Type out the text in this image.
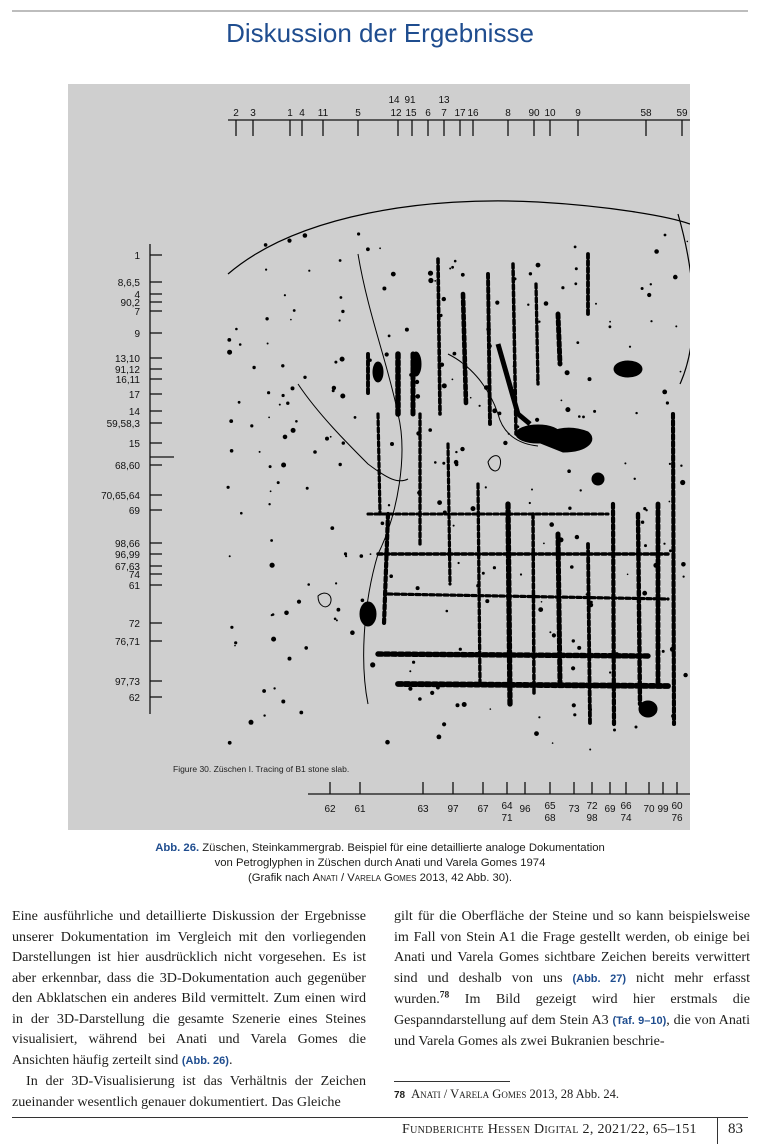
Diskussion der Ergebnisse
2 3	1 4 11	5
14 91
12 15 6
13
7 17 16	8 90 10 9	58 59
1
8,6,5
4
90,2
7
9
13,10
91,12
16,11
17
14
59,58,3
15
68,60
70,65,64
69
98,66
96,99
67,63
74
61
72
76,71
97,73
62
62 61	63 97 67 64
71
96 65
68
73 72
98
69 66
74
70 99 60
76
Figure 30. Züschen I. Tracing of B1 stone slab.
Abb. 26. Züschen, Steinkammergrab. Beispiel für eine detaillierte analoge Dokumentation
von Petroglyphen in Züschen durch Anati und Varela Gomes 1974
(Grafik nach Anati / Varela Gomes 2013, 42 Abb. 30).

Eine ausführliche und detaillierte Diskussion der Ergebnisse unserer Dokumentation im Vergleich mit den vorliegenden Darstellungen ist hier ausdrücklich nicht vorgesehen. Es ist aber erkennbar, dass die 3D-Dokumentation auch gegenüber den Abklatschen ein anderes Bild vermittelt. Zum einen wird in der 3D-Darstellung die gesamte Szenerie eines Steines visualisiert, während bei Anati und Varela Gomes die Ansichten häufig zerteilt sind (Abb. 26).

In der 3D-Visualisierung ist das Verhältnis der Zeichen zueinander wesentlich genauer dokumentiert. Das Gleiche

gilt für die Oberfläche der Steine und so kann beispielsweise im Fall von Stein A1 die Frage gestellt werden, ob einige bei Anati und Varela Gomes sichtbare Zeichen bereits verwittert sind und deshalb von uns (Abb. 27) nicht mehr erfasst wurden.$^{78}$ Im Bild gezeigt wird hier erstmals die Gespanndarstellung auf dem Stein A3 (Taf. 9–10), die von Anati und Varela Gomes als zwei Bukranien beschrie-

78 Anati / Varela Gomes 2013, 28 Abb. 24.
Fundberichte Hessen Digital 2, 2021/22, 65–151 83
